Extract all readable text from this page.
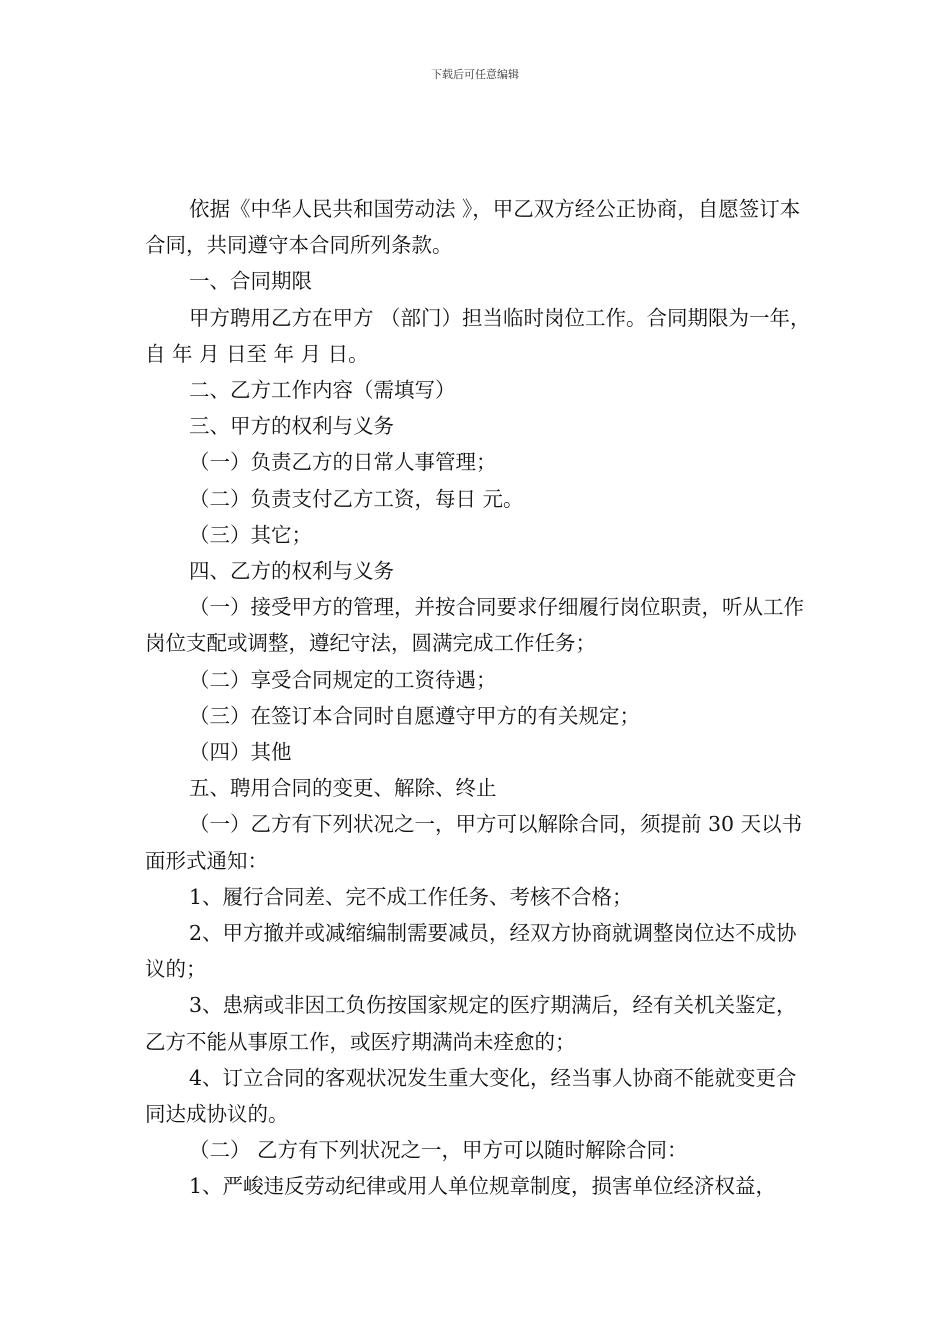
下载后可任意编辑

依据《中华人民共和国劳动法 》，甲乙双方经公正协商，自愿签订本合同，共同遵守本合同所列条款。

一、合同期限

甲方聘用乙方在甲方 （部门）担当临时岗位工作。合同期限为一年，自 年 月 日至 年 月 日。

二、乙方工作内容（需填写）

三、甲方的权利与义务

（一）负责乙方的日常人事管理；

（二）负责支付乙方工资，每日 元。

（三）其它；

四、乙方的权利与义务

（一）接受甲方的管理，并按合同要求仔细履行岗位职责，听从工作岗位支配或调整，遵纪守法，圆满完成工作任务；

（二）享受合同规定的工资待遇；

（三）在签订本合同时自愿遵守甲方的有关规定；

（四）其他

五、聘用合同的变更、解除、终止

（一）乙方有下列状况之一，甲方可以解除合同，须提前 30 天以书面形式通知：

1、履行合同差、完不成工作任务、考核不合格；

2、甲方撤并或减缩编制需要减员，经双方协商就调整岗位达不成协议的；

3、患病或非因工负伤按国家规定的医疗期满后，经有关机关鉴定，乙方不能从事原工作，或医疗期满尚未痊愈的；

4、订立合同的客观状况发生重大变化，经当事人协商不能就变更合同达成协议的。

（二） 乙方有下列状况之一，甲方可以随时解除合同：

1、严峻违反劳动纪律或用人单位规章制度，损害单位经济权益，
